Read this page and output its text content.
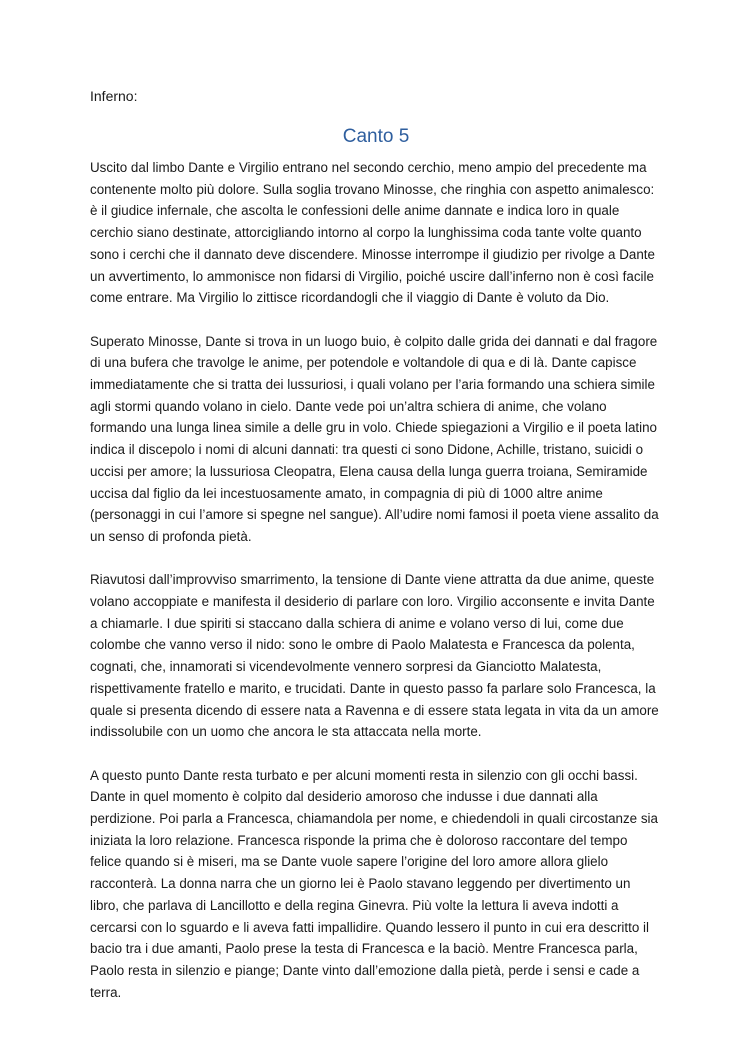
Inferno:

Canto 5

Uscito dal limbo Dante e Virgilio entrano nel secondo cerchio, meno ampio del precedente ma contenente molto più dolore. Sulla soglia trovano Minosse, che ringhia con aspetto animalesco: è il giudice infernale, che ascolta le confessioni delle anime dannate e indica loro in quale cerchio siano destinate, attorcigliando intorno al corpo la lunghissima coda tante volte quanto sono i cerchi che il dannato deve discendere. Minosse interrompe il giudizio per rivolge a Dante un avvertimento, lo ammonisce non fidarsi di Virgilio, poiché uscire dall’inferno non è così facile come entrare. Ma Virgilio lo zittisce ricordandogli che il viaggio di Dante è voluto da Dio.

Superato Minosse, Dante si trova in un luogo buio, è colpito dalle grida dei dannati e dal fragore di una bufera che travolge le anime, per potendole e voltandole di qua e di là. Dante capisce immediatamente che si tratta dei lussuriosi, i quali volano per l’aria formando una schiera simile agli stormi quando volano in cielo. Dante vede poi un’altra schiera di anime, che volano formando una lunga linea simile a delle gru in volo. Chiede spiegazioni a Virgilio e il poeta latino indica il discepolo i nomi di alcuni dannati: tra questi ci sono Didone, Achille, tristano, suicidi o uccisi per amore; la lussuriosa Cleopatra, Elena causa della lunga guerra troiana, Semiramide uccisa dal figlio da lei incestuosamente amato, in compagnia di più di 1000 altre anime (personaggi in cui l’amore si spegne nel sangue). All’udire nomi famosi il poeta viene assalito da un senso di profonda pietà.

Riavutosi dall’improvviso smarrimento, la tensione di Dante viene attratta da due anime, queste volano accoppiate e manifesta il desiderio di parlare con loro. Virgilio acconsente e invita Dante a chiamarle. I due spiriti si staccano dalla schiera di anime e volano verso di lui, come due colombe che vanno verso il nido: sono le ombre di Paolo Malatesta e Francesca da polenta, cognati, che, innamorati si vicendevolmente vennero sorpresi da Gianciotto Malatesta, rispettivamente fratello e marito, e trucidati. Dante in questo passo fa parlare solo Francesca, la quale si presenta dicendo di essere nata a Ravenna e di essere stata legata in vita da un amore indissolubile con un uomo che ancora le sta attaccata nella morte.

A questo punto Dante resta turbato e per alcuni momenti resta in silenzio con gli occhi bassi. Dante in quel momento è colpito dal desiderio amoroso che indusse i due dannati alla perdizione. Poi parla a Francesca, chiamandola per nome, e chiedendoli in quali circostanze sia iniziata la loro relazione. Francesca risponde la prima che è doloroso raccontare del tempo felice quando si è miseri, ma se Dante vuole sapere l’origine del loro amore allora glielo racconterà. La donna narra che un giorno lei è Paolo stavano leggendo per divertimento un libro, che parlava di Lancillotto e della regina Ginevra. Più volte la lettura li aveva indotti a cercarsi con lo sguardo e li aveva fatti impallidire. Quando lessero il punto in cui era descritto il bacio tra i due amanti, Paolo prese la testa di Francesca e la baciò. Mentre Francesca parla, Paolo resta in silenzio e piange; Dante vinto dall’emozione dalla pietà, perde i sensi e cade a terra.
